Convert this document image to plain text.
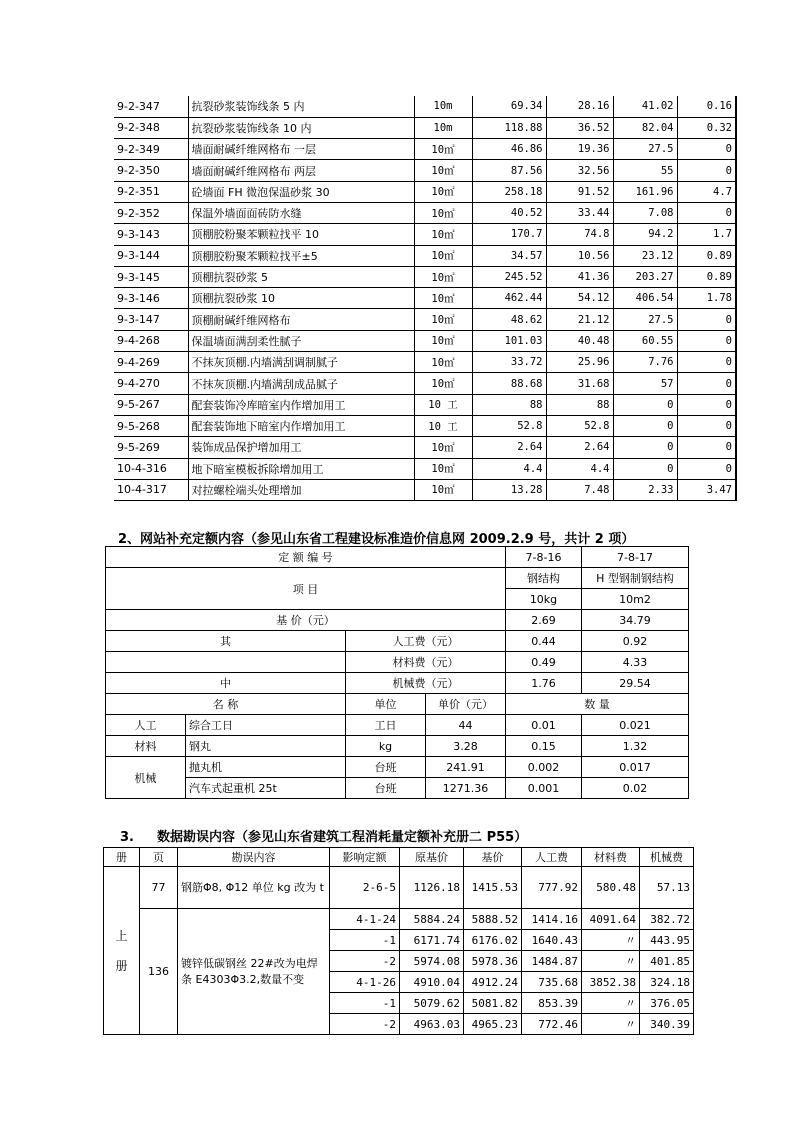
9-2-347	抗裂砂浆装饰线条 5 内	10m	69.34	28.16	41.02	0.16
9-2-348	抗裂砂浆装饰线条 10 内	10m	118.88	36.52	82.04	0.32
9-2-349	墙面耐碱纤维网格布 一层	10㎡	46.86	19.36	27.5	0
9-2-350	墙面耐碱纤维网格布 两层	10㎡	87.56	32.56	55	0
9-2-351	砼墙面 FH 微泡保温砂浆 30	10㎡	258.18	91.52	161.96	4.7
9-2-352	保温外墙面面砖防水缝	10㎡	40.52	33.44	7.08	0
9-3-143	顶棚胶粉聚苯颗粒找平 10	10㎡	170.7	74.8	94.2	1.7
9-3-144	顶棚胶粉聚苯颗粒找平±5	10㎡	34.57	10.56	23.12	0.89
9-3-145	顶棚抗裂砂浆 5	10㎡	245.52	41.36	203.27	0.89
9-3-146	顶棚抗裂砂浆 10	10㎡	462.44	54.12	406.54	1.78
9-3-147	顶棚耐碱纤维网格布	10㎡	48.62	21.12	27.5	0
9-4-268	保温墙面满刮柔性腻子	10㎡	101.03	40.48	60.55	0
9-4-269	不抹灰顶棚.内墙满刮调制腻子	10㎡	33.72	25.96	7.76	0
9-4-270	不抹灰顶棚.内墙满刮成品腻子	10㎡	88.68	31.68	57	0
9-5-267	配套装饰冷库暗室内作增加用工	10 工	88	88	0	0
9-5-268	配套装饰地下暗室内作增加用工	10 工	52.8	52.8	0	0
9-5-269	装饰成品保护增加用工	10㎡	2.64	2.64	0	0
10-4-316	地下暗室模板拆除增加用工	10㎡	4.4	4.4	0	0
10-4-317	对拉螺栓端头处理增加	10㎡	13.28	7.48	2.33	3.47
2、网站补充定额内容（参见山东省工程建设标准造价信息网 2009.2.9 号，共计 2 项）
定 额 编 号				7-8-16	7-8-17
项 目				钢结构	H 型钢制钢结构
				10kg	10m2
基 价（元）				2.69	34.79
其		人工费（元）		0.44	0.92
		材料费（元）		0.49	4.33
中		机械费（元）		1.76	29.54
名 称		单位	单价（元）	数 量	
人工	综合工日	工日	44	0.01	0.021
材料	钢丸	kg	3.28	0.15	1.32
机械	抛丸机	台班	241.91	0.002	0.017
	汽车式起重机 25t	台班	1271.36	0.001	0.02
3. 数据勘误内容（参见山东省建筑工程消耗量定额补充册二 P55）
册	页	勘误内容	影响定额	原基价	基价	人工费	材料费	机械费

上
册	77	钢筋Φ8, Φ12 单位 kg 改为 t	2-6-5	1126.18	1415.53	777.92	580.48	57.13
	136	镀锌低碳钢丝 22#改为电焊条 E4303Φ3.2,数量不变	4-1-24	5884.24	5888.52	1414.16	4091.64	382.72
			-1	6171.74	6176.02	1640.43	〃	443.95
			-2	5974.08	5978.36	1484.87	〃	401.85
			4-1-26	4910.04	4912.24	735.68	3852.38	324.18
			-1	5079.62	5081.82	853.39	〃	376.05
			-2	4963.03	4965.23	772.46	〃	340.39
